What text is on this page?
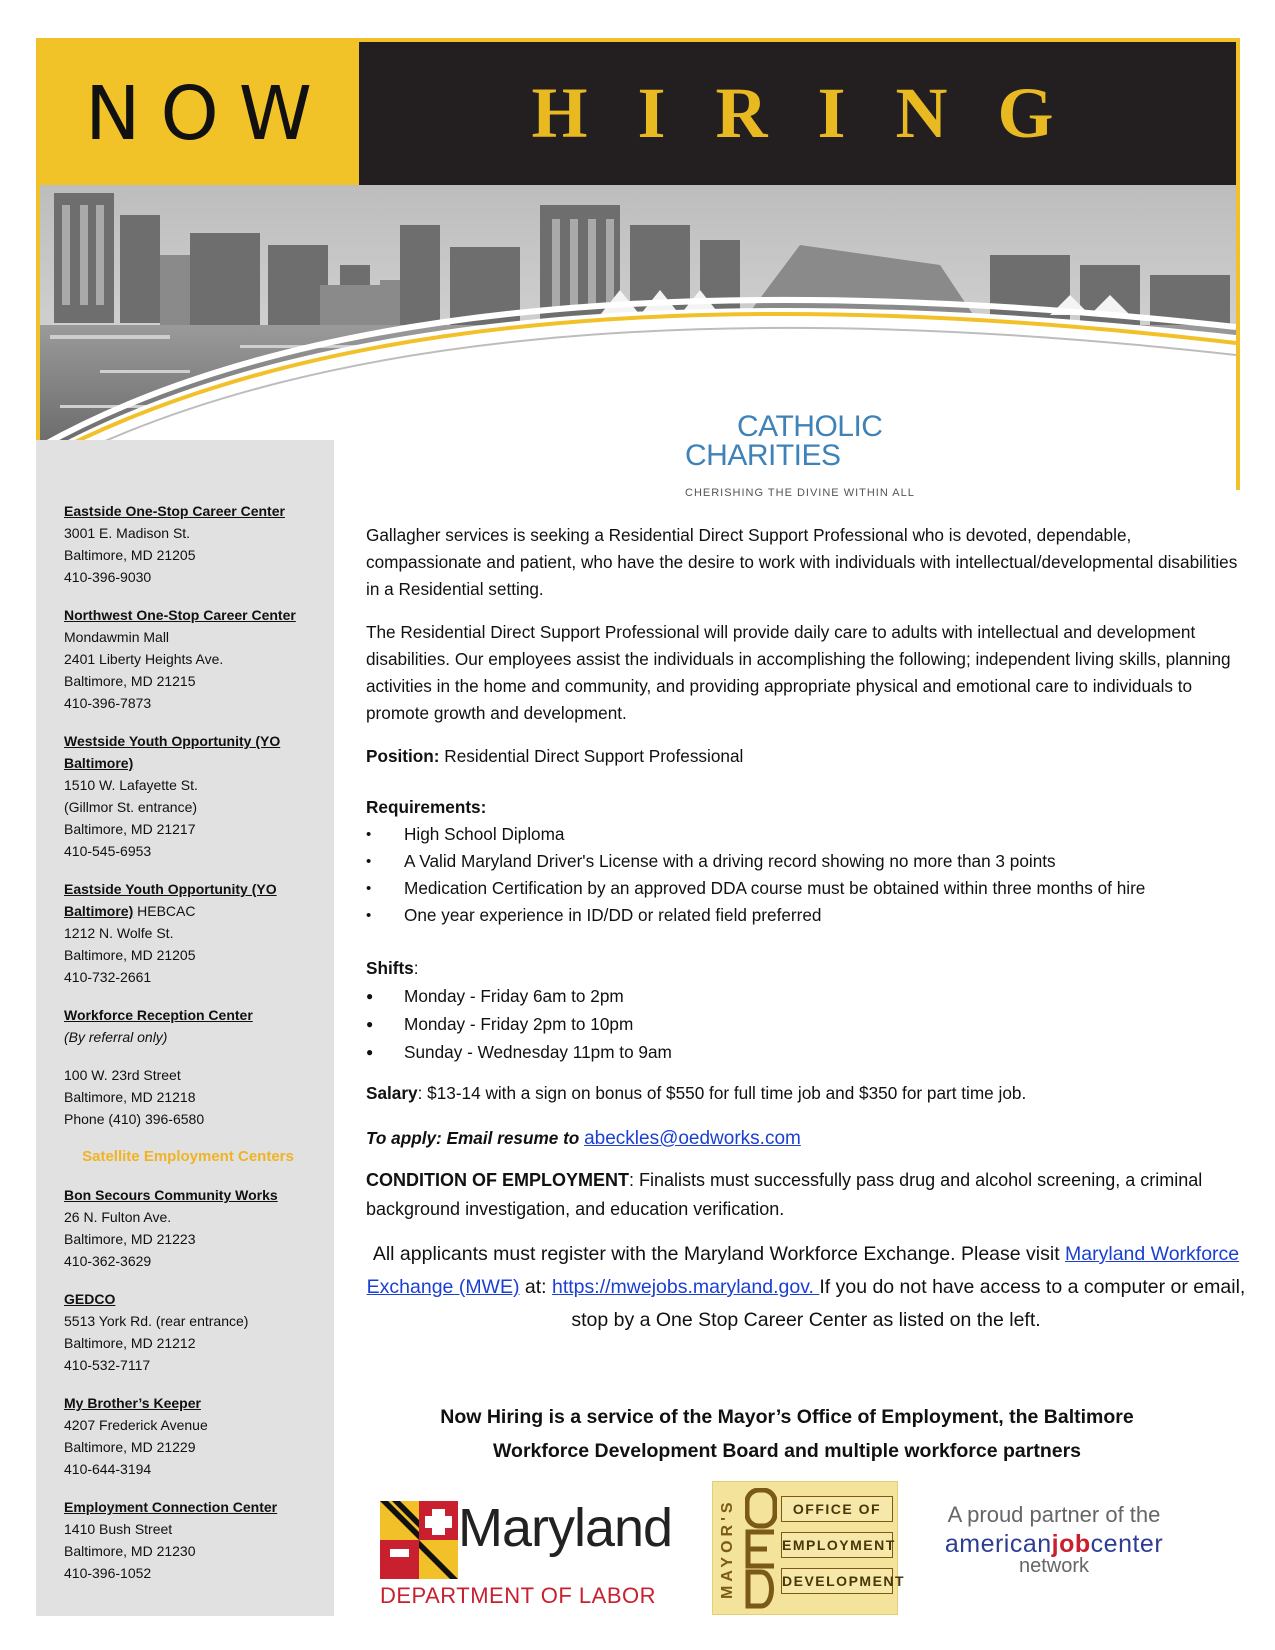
NOW	HIRING
Eastside One-Stop Career Center
3001 E. Madison St.
Baltimore, MD 21205
410-396-9030
Northwest One-Stop Career Center
Mondawmin Mall
2401 Liberty Heights Ave.
Baltimore, MD 21215
410-396-7873
Westside Youth Opportunity (YO Baltimore)
1510 W. Lafayette St.
(Gillmor St. entrance)
Baltimore, MD 21217
410-545-6953
Eastside Youth Opportunity (YO Baltimore) HEBCAC
1212 N. Wolfe St.
Baltimore, MD 21205
410-732-2661
Workforce Reception Center
(By referral only)
100 W. 23rd Street
Baltimore, MD 21218
Phone (410) 396-6580
Satellite Employment Centers
Bon Secours Community Works
26 N. Fulton Ave.
Baltimore, MD 21223
410-362-3629
GEDCO
5513 York Rd. (rear entrance)
Baltimore, MD 21212
410-532-7117
My Brother’s Keeper
4207 Frederick Avenue
Baltimore, MD 21229
410-644-3194
Employment Connection Center
1410 Bush Street
Baltimore, MD 21230
410-396-1052
CATHOLIC
CHARITIES
CHERISHING THE DIVINE WITHIN ALL

Gallagher services is seeking a Residential Direct Support Professional who is devoted, dependable, compassionate and patient, who have the desire to work with individuals with intellectual/developmental disabilities in a Residential setting.

The Residential Direct Support Professional will provide daily care to adults with intellectual and development disabilities. Our employees assist the individuals in accomplishing the following; independent living skills, planning activities in the home and community, and providing appropriate physical and emotional care to individuals to promote growth and development.

Position: Residential Direct Support Professional

Requirements:
• High School Diploma
• A Valid Maryland Driver's License with a driving record showing no more than 3 points
• Medication Certification by an approved DDA course must be obtained within three months of hire
• One year experience in ID/DD or related field preferred
Shifts:
● Monday - Friday 6am to 2pm
● Monday - Friday 2pm to 10pm
● Sunday - Wednesday 11pm to 9am

Salary: $13-14 with a sign on bonus of $550 for full time job and $350 for part time job.

To apply: Email resume to abeckles@oedworks.com

CONDITION OF EMPLOYMENT: Finalists must successfully pass drug and alcohol screening, a criminal background investigation, and education verification.

All applicants must register with the Maryland Workforce Exchange. Please visit Maryland Workforce Exchange (MWE) at: https://mwejobs.maryland.gov. If you do not have access to a computer or email, stop by a One Stop Career Center as listed on the left.

Now Hiring is a service of the Mayor’s Office of Employment, the Baltimore
Workforce Development Board and multiple workforce partners
Maryland
DEPARTMENT OF LABOR	MAYOR'S	OFFICE OF
EMPLOYMENT
DEVELOPMENT
A proud partner of the
americanjobcenter
network
